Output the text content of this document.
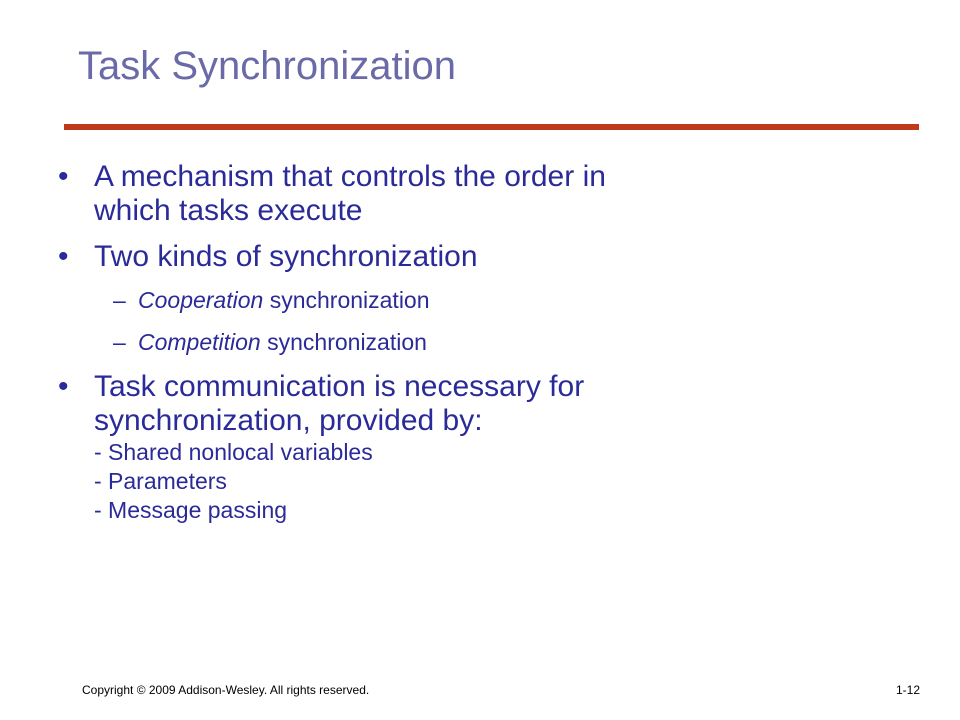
Task Synchronization
• A mechanism that controls the order in
which tasks execute
• Two kinds of synchronization
– Cooperation synchronization
– Competition synchronization
• Task communication is necessary for
synchronization, provided by:
- Shared nonlocal variables
- Parameters
- Message passing
Copyright © 2009 Addison-Wesley. All rights reserved.	1-12
